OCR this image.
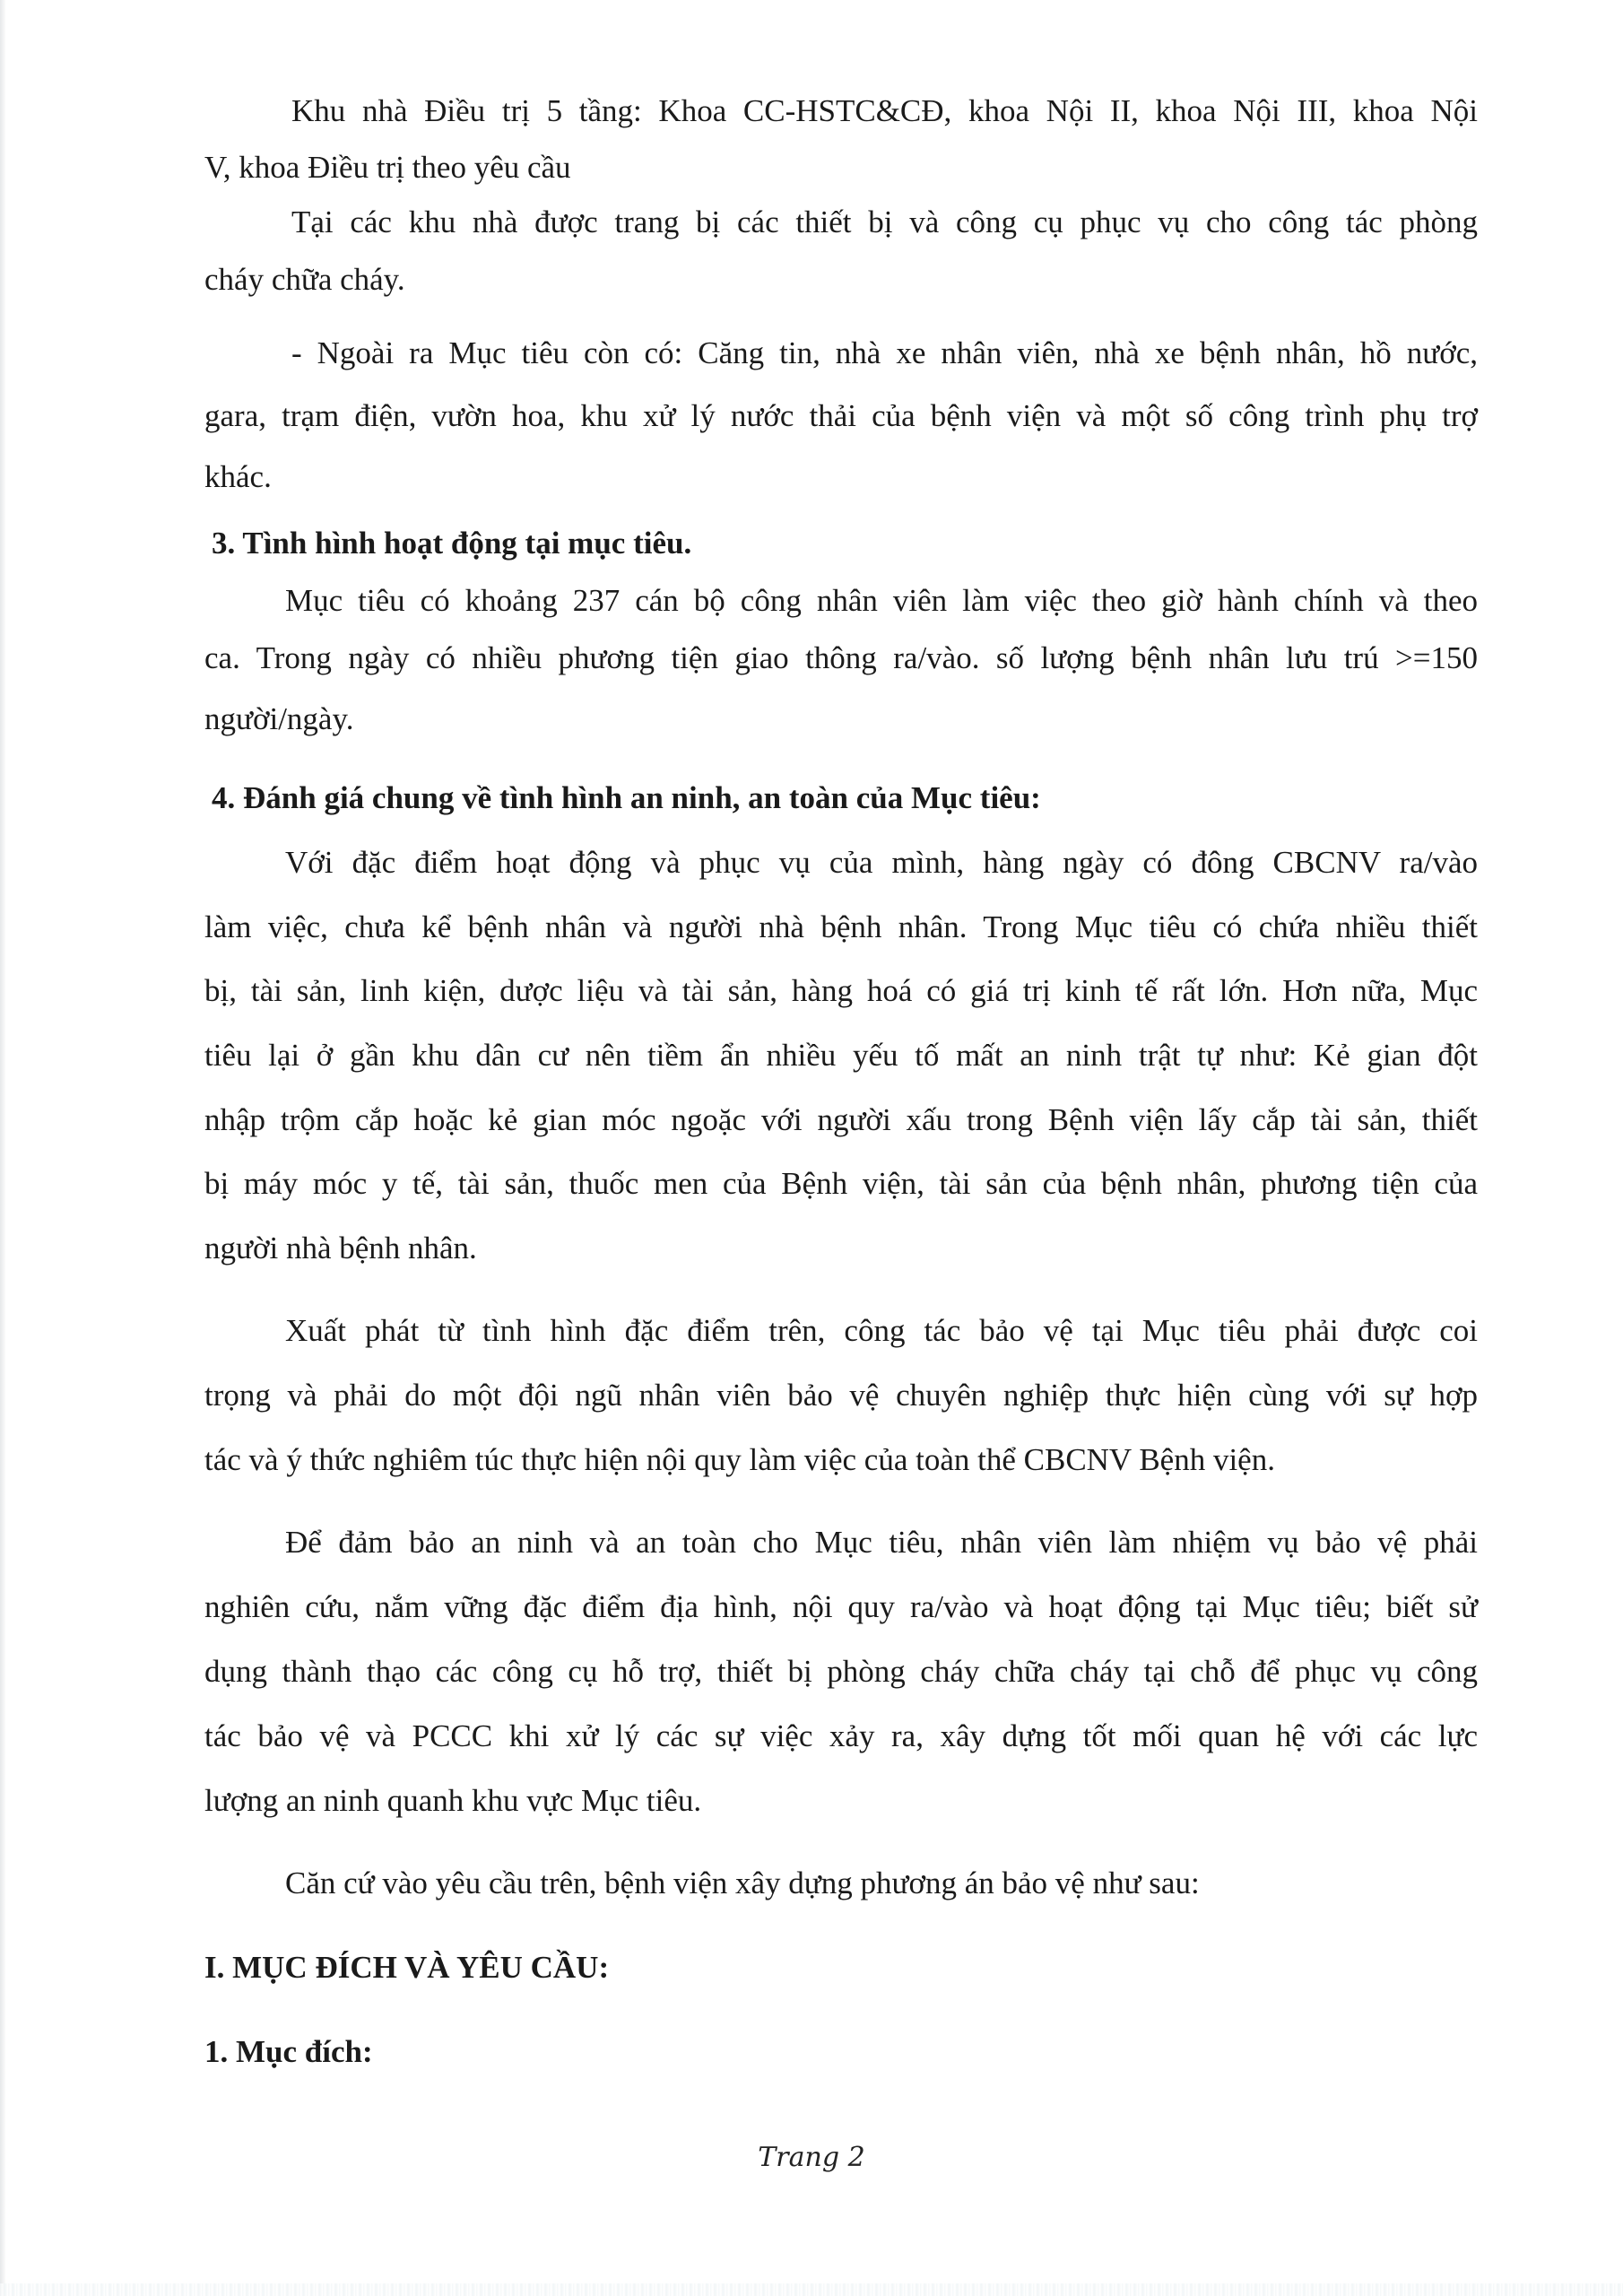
Khu nhà Điều trị 5 tầng: Khoa CC-HSTC&CĐ, khoa Nội II, khoa Nội III, khoa Nội
V, khoa Điều trị theo yêu cầu
Tại các khu nhà được trang bị các thiết bị và công cụ phục vụ cho công tác phòng
cháy chữa cháy.
- Ngoài ra Mục tiêu còn có: Căng tin, nhà xe nhân viên, nhà xe bệnh nhân, hồ nước,
gara, trạm điện, vườn hoa, khu xử lý nước thải của bệnh viện và một số công trình phụ trợ
khác.
3. Tình hình hoạt động tại mục tiêu.
Mục tiêu có khoảng 237 cán bộ công nhân viên làm việc theo giờ hành chính và theo
ca. Trong ngày có nhiều phương tiện giao thông ra/vào. số lượng bệnh nhân lưu trú >=150
người/ngày.
4. Đánh giá chung về tình hình an ninh, an toàn của Mục tiêu:
Với đặc điểm hoạt động và phục vụ của mình, hàng ngày có đông CBCNV ra/vào
làm việc, chưa kể bệnh nhân và người nhà bệnh nhân. Trong Mục tiêu có chứa nhiều thiết
bị, tài sản, linh kiện, dược liệu và tài sản, hàng hoá có giá trị kinh tế rất lớn. Hơn nữa, Mục
tiêu lại ở gần khu dân cư nên tiềm ẩn nhiều yếu tố mất an ninh trật tự như: Kẻ gian đột
nhập trộm cắp hoặc kẻ gian móc ngoặc với người xấu trong Bệnh viện lấy cắp tài sản, thiết
bị máy móc y tế, tài sản, thuốc men của Bệnh viện, tài sản của bệnh nhân, phương tiện của
người nhà bệnh nhân.
Xuất phát từ tình hình đặc điểm trên, công tác bảo vệ tại Mục tiêu phải được coi
trọng và phải do một đội ngũ nhân viên bảo vệ chuyên nghiệp thực hiện cùng với sự hợp
tác và ý thức nghiêm túc thực hiện nội quy làm việc của toàn thể CBCNV Bệnh viện.
Để đảm bảo an ninh và an toàn cho Mục tiêu, nhân viên làm nhiệm vụ bảo vệ phải
nghiên cứu, nắm vững đặc điểm địa hình, nội quy ra/vào và hoạt động tại Mục tiêu; biết sử
dụng thành thạo các công cụ hỗ trợ, thiết bị phòng cháy chữa cháy tại chỗ để phục vụ công
tác bảo vệ và PCCC khi xử lý các sự việc xảy ra, xây dựng tốt mối quan hệ với các lực
lượng an ninh quanh khu vực Mục tiêu.
Căn cứ vào yêu cầu trên, bệnh viện xây dựng phương án bảo vệ như sau:
I. MỤC ĐÍCH VÀ YÊU CẦU:
1. Mục đích:
Trang 2
